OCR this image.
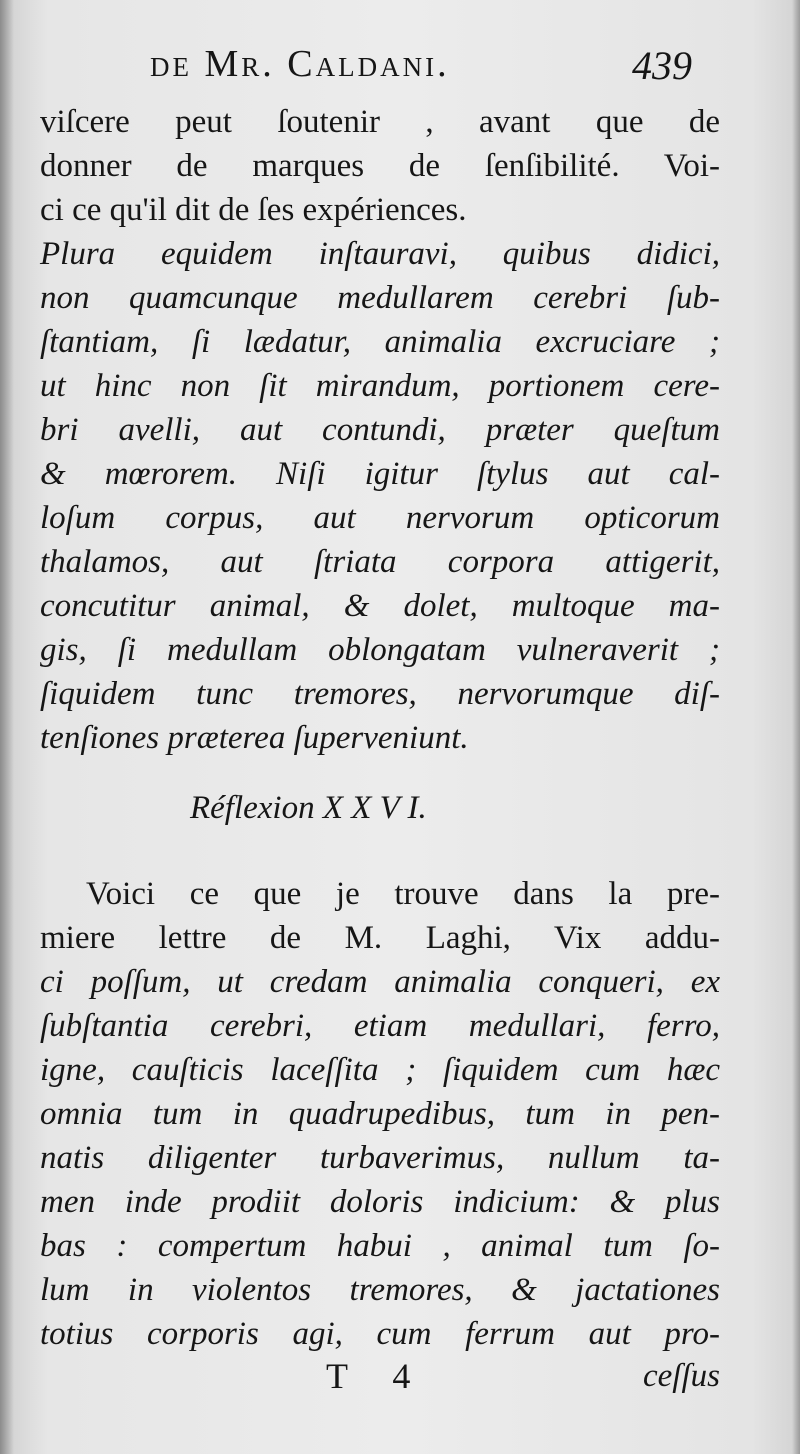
de Mr. Caldani.	439
viſcere peut ſoutenir , avant que de
donner de marques de ſenſibilité. Voi-
ci ce qu'il dit de ſes expériences.
Plura equidem inſtauravi, quibus didici,
non quamcunque medullarem cerebri ſub-
ſtantiam, ſi lædatur, animalia excruciare ;
ut hinc non ſit mirandum, portionem cere-
bri avelli, aut contundi, præter queſtum
& mœrorem. Niſi igitur ſtylus aut cal-
loſum corpus, aut nervorum opticorum
thalamos, aut ſtriata corpora attigerit,
concutitur animal, & dolet, multoque ma-
gis, ſi medullam oblongatam vulneraverit ;
ſiquidem tunc tremores, nervorumque diſ-
tenſiones præterea ſuperveniunt.
Réflexion X X V I.
Voici ce que je trouve dans la pre-
miere lettre de M. Laghi, Vix addu-
ci poſſum, ut credam animalia conqueri, ex
ſubſtantia cerebri, etiam medullari, ferro,
igne, cauſticis laceſſita ; ſiquidem cum hæc
omnia tum in quadrupedibus, tum in pen-
natis diligenter turbaverimus, nullum ta-
men inde prodiit doloris indicium: & plus
bas : compertum habui , animal tum ſo-
lum in violentos tremores, & jactationes
totius corporis agi, cum ferrum aut pro-
T 4	ceſſus
